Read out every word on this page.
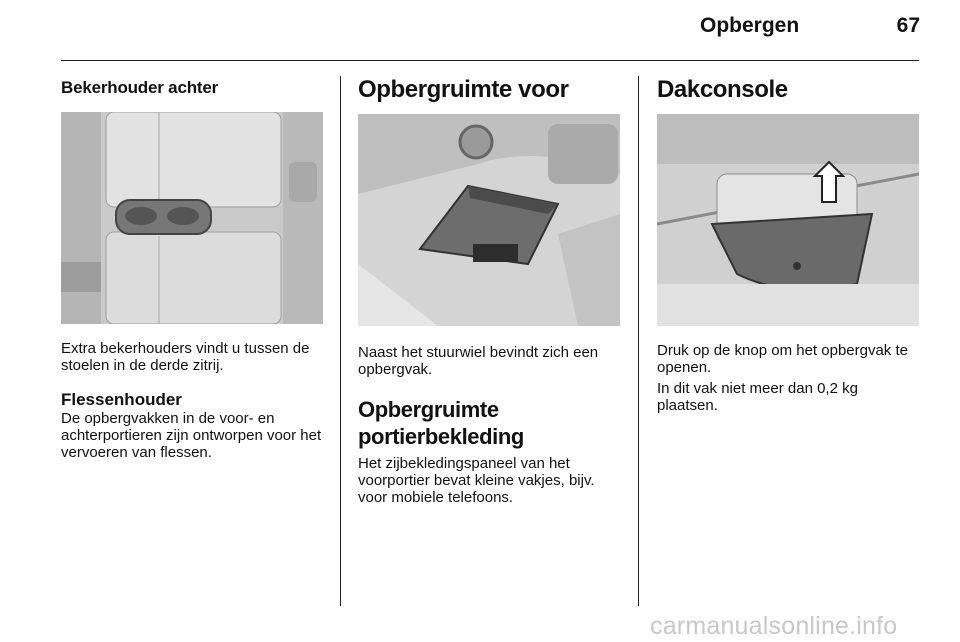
Opbergen	67
Bekerhouder achter

Extra bekerhouders vindt u tussen de stoelen in de derde zitrij.

Flessenhouder

De opbergvakken in de voor- en achterportieren zijn ontworpen voor het vervoeren van flessen.

Opbergruimte voor

Naast het stuurwiel bevindt zich een opbergvak.

Opbergruimte portierbekleding

Het zijbekledingspaneel van het voorportier bevat kleine vakjes, bijv. voor mobiele telefoons.

Dakconsole

Druk op de knop om het opbergvak te openen.

In dit vak niet meer dan 0,2 kg plaatsen.

carmanualsonline.info
